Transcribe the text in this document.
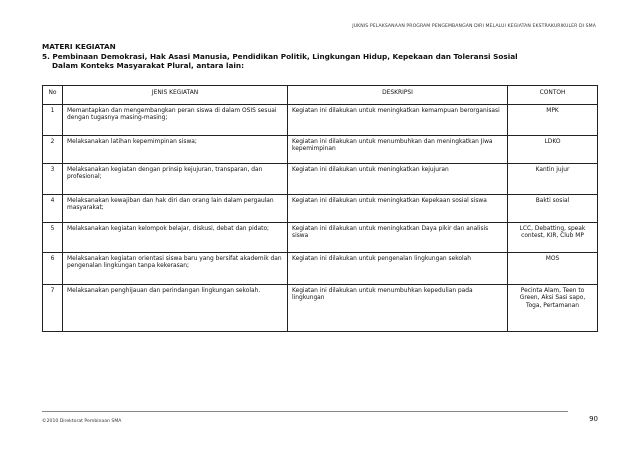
JUKNIS PELAKSANAAN PROGRAM PENGEMBANGAN DIRI MELALUI KEGIATAN EKSTRAKURIKULER DI SMA
MATERI KEGIATAN
5. Pembinaan Demokrasi, Hak Asasi Manusia, Pendidikan Politik, Lingkungan Hidup, Kepekaan dan Toleransi Sosial
Dalam Konteks Masyarakat Plural, antara lain:
No	JENIS KEGIATAN	DESKRIPSI	CONTOH
1	Memantapkan dan mengembangkan peran siswa di dalam OSIS sesuai dengan tugasnya masing-masing;	Kegiatan ini dilakukan untuk meningkatkan kemampuan berorganisasi	MPK
2	Melaksanakan latihan kepemimpinan siswa;	Kegiatan ini dilakukan untuk menumbuhkan dan meningkatkan Jiwa kepemimpinan	LDKO
3	Melaksanakan kegiatan dengan prinsip kejujuran, transparan, dan profesional;	Kegiatan ini dilakukan untuk meningkatkan kejujuran	Kantin jujur
4	Melaksanakan kewajiban dan hak diri dan orang lain dalam pergaulan masyarakat;	Kegiatan ini dilakukan untuk meningkatkan Kepekaan sosial siswa	Bakti sosial
5	Melaksanakan kegiatan kelompok belajar, diskusi, debat dan pidato;	Kegiatan ini dilakukan untuk meningkatkan Daya pikir dan analisis siswa	LCC, Debatting, speak contest, KIR, Club MP
6	Melaksanakan kegiatan orientasi siswa baru yang bersifat akademik dan pengenalan lingkungan tanpa kekerasan;	Kegiatan ini dilakukan untuk pengenalan lingkungan sekolah	MOS
7	Melaksanakan penghijauan dan perindangan lingkungan sekolah.	Kegiatan ini dilakukan untuk menumbuhkan kepedulian pada lingkungan	Pecinta Alam, Teen to Green, Aksi Sasi sapo, Toga, Pertamanan
©2010 Direktorat Pembinaan SMA	90
